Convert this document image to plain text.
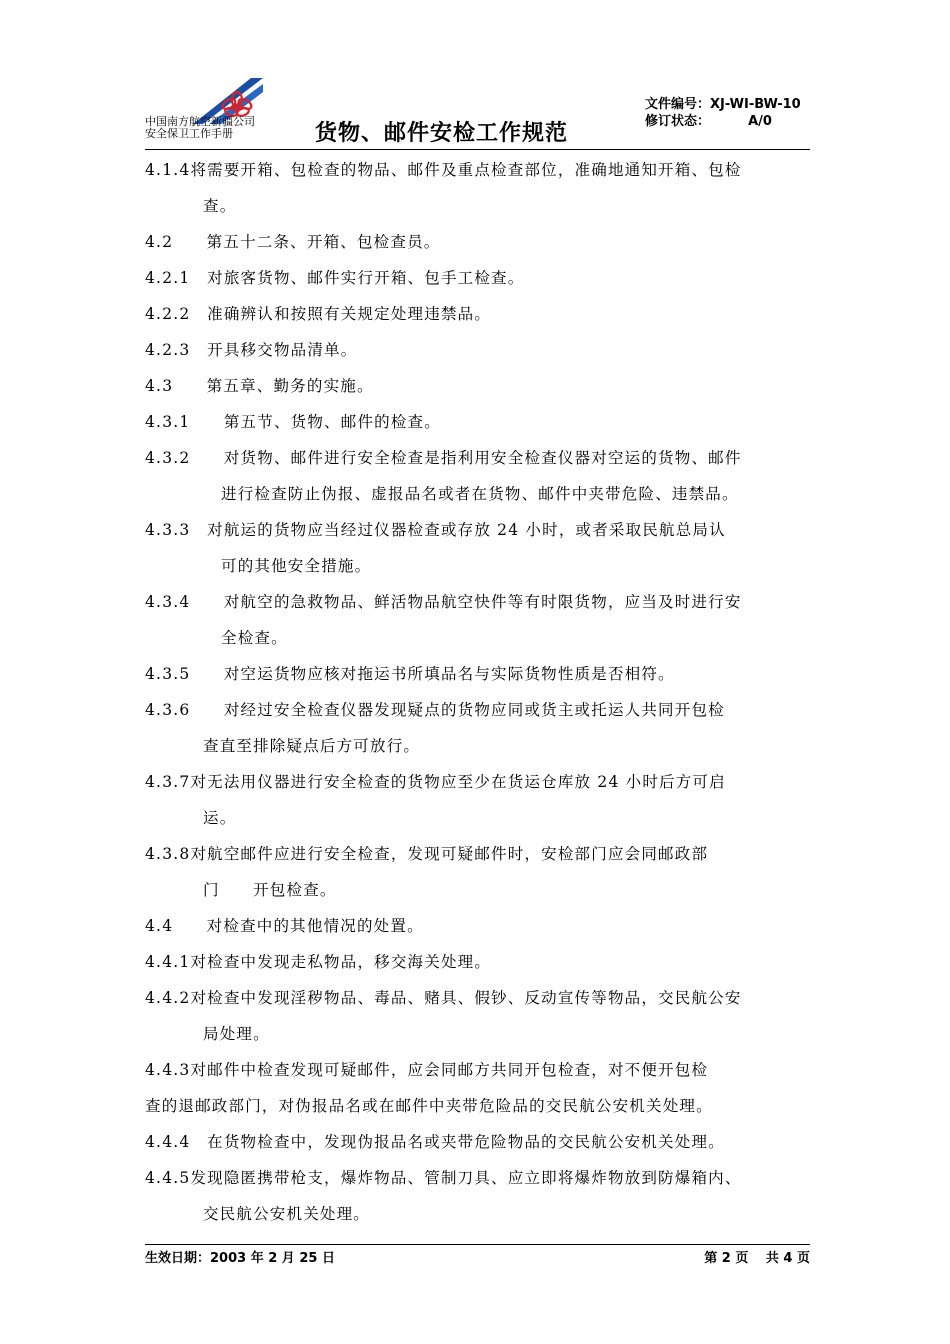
中国南方航空新疆公司
安全保卫工作手册	货物、邮件安检工作规范
文件编号：XJ-WI-BW-10
修订状态：	A/0
4.1.4将需要开箱、包检查的物品、邮件及重点检查部位，准确地通知开箱、包检
查。
4.2　　第五十二条、开箱、包检查员。
4.2.1　对旅客货物、邮件实行开箱、包手工检查。
4.2.2　准确辨认和按照有关规定处理违禁品。
4.2.3　开具移交物品清单。
4.3　　第五章、勤务的实施。
4.3.1　　第五节、货物、邮件的检查。
4.3.2　　对货物、邮件进行安全检查是指利用安全检查仪器对空运的货物、邮件
进行检查防止伪报、虚报品名或者在货物、邮件中夹带危险、违禁品。
4.3.3　对航运的货物应当经过仪器检查或存放 24 小时，或者采取民航总局认
可的其他安全措施。
4.3.4　　对航空的急救物品、鲜活物品航空快件等有时限货物，应当及时进行安
全检查。
4.3.5　　对空运货物应核对拖运书所填品名与实际货物性质是否相符。
4.3.6　　对经过安全检查仪器发现疑点的货物应同或货主或托运人共同开包检
查直至排除疑点后方可放行。
4.3.7对无法用仪器进行安全检查的货物应至少在货运仓库放 24 小时后方可启
运。
4.3.8对航空邮件应进行安全检查，发现可疑邮件时，安检部门应会同邮政部
门　　开包检查。
4.4　　对检查中的其他情况的处置。
4.4.1对检查中发现走私物品，移交海关处理。
4.4.2对检查中发现淫秽物品、毒品、赌具、假钞、反动宣传等物品，交民航公安
局处理。
4.4.3对邮件中检查发现可疑邮件，应会同邮方共同开包检查，对不便开包检
查的退邮政部门，对伪报品名或在邮件中夹带危险品的交民航公安机关处理。
4.4.4　在货物检查中，发现伪报品名或夹带危险物品的交民航公安机关处理。
4.4.5发现隐匿携带枪支，爆炸物品、管制刀具、应立即将爆炸物放到防爆箱内、
交民航公安机关处理。
生效日期：2003 年 2 月 25 日	第 2 页　 共 4 页
